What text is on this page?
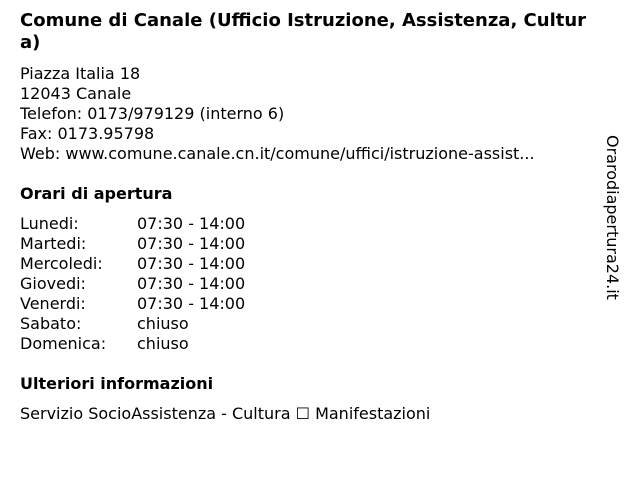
Comune di Canale (Ufficio Istruzione, Assistenza, Cultura)
Piazza Italia 18
12043 Canale
Telefon: 0173/979129 (interno 6)
Fax: 0173.95798
Web: www.comune.canale.cn.it/comune/uffici/istruzione-assist...
Orari di apertura
Lunedi:	07:30 - 14:00
Martedi:	07:30 - 14:00
Mercoledi: 07:30 - 14:00
Giovedi:	07:30 - 14:00
Venerdi:	07:30 - 14:00
Sabato:	chiuso
Domenica: chiuso
Ulteriori informazioni
Servizio SocioAssistenza - Cultura ☐ Manifestazioni
Orarodiapertura24.it
